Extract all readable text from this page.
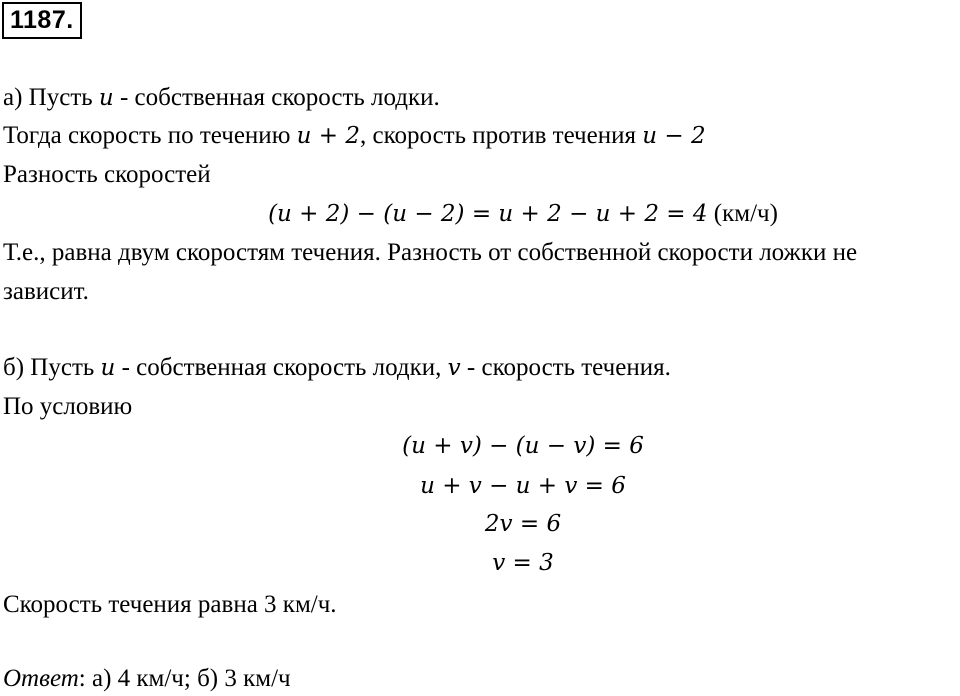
1187.
а) Пусть u - собственная скорость лодки.
Тогда скорость по течению u + 2, скорость против течения u − 2
Разность скоростей
(u + 2) − (u − 2) = u + 2 − u + 2 = 4 (км/ч)
Т.е., равна двум скоростям течения. Разность от собственной скорости ложки не
зависит.
б) Пусть u - собственная скорость лодки, v - скорость течения.
По условию
(u + v) − (u − v) = 6
u + v − u + v = 6
2v = 6
v = 3
Скорость течения равна 3 км/ч.
Ответ: а) 4 км/ч; б) 3 км/ч
